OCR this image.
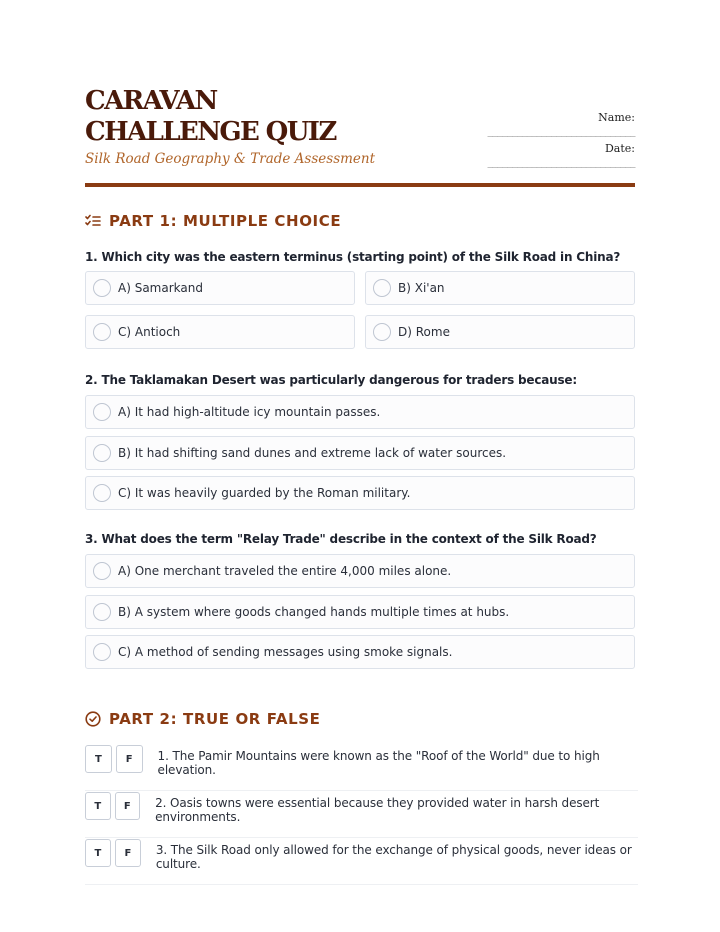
CARAVAN CHALLENGE QUIZ
Silk Road Geography & Trade Assessment
Name:
______________________________
Date:
______________________________
PART 1: MULTIPLE CHOICE
1. Which city was the eastern terminus (starting point) of the Silk Road in China?
A) Samarkand	B) Xi'an
C) Antioch	D) Rome
2. The Taklamakan Desert was particularly dangerous for traders because:
A) It had high-altitude icy mountain passes.
B) It had shifting sand dunes and extreme lack of water sources.
C) It was heavily guarded by the Roman military.
3. What does the term "Relay Trade" describe in the context of the Silk Road?
A) One merchant traveled the entire 4,000 miles alone.
B) A system where goods changed hands multiple times at hubs.
C) A method of sending messages using smoke signals.
PART 2: TRUE OR FALSE
T	F	1. The Pamir Mountains were known as the "Roof of the World" due to high elevation.
T	F	2. Oasis towns were essential because they provided water in harsh desert environments.
T	F	3. The Silk Road only allowed for the exchange of physical goods, never ideas or culture.
